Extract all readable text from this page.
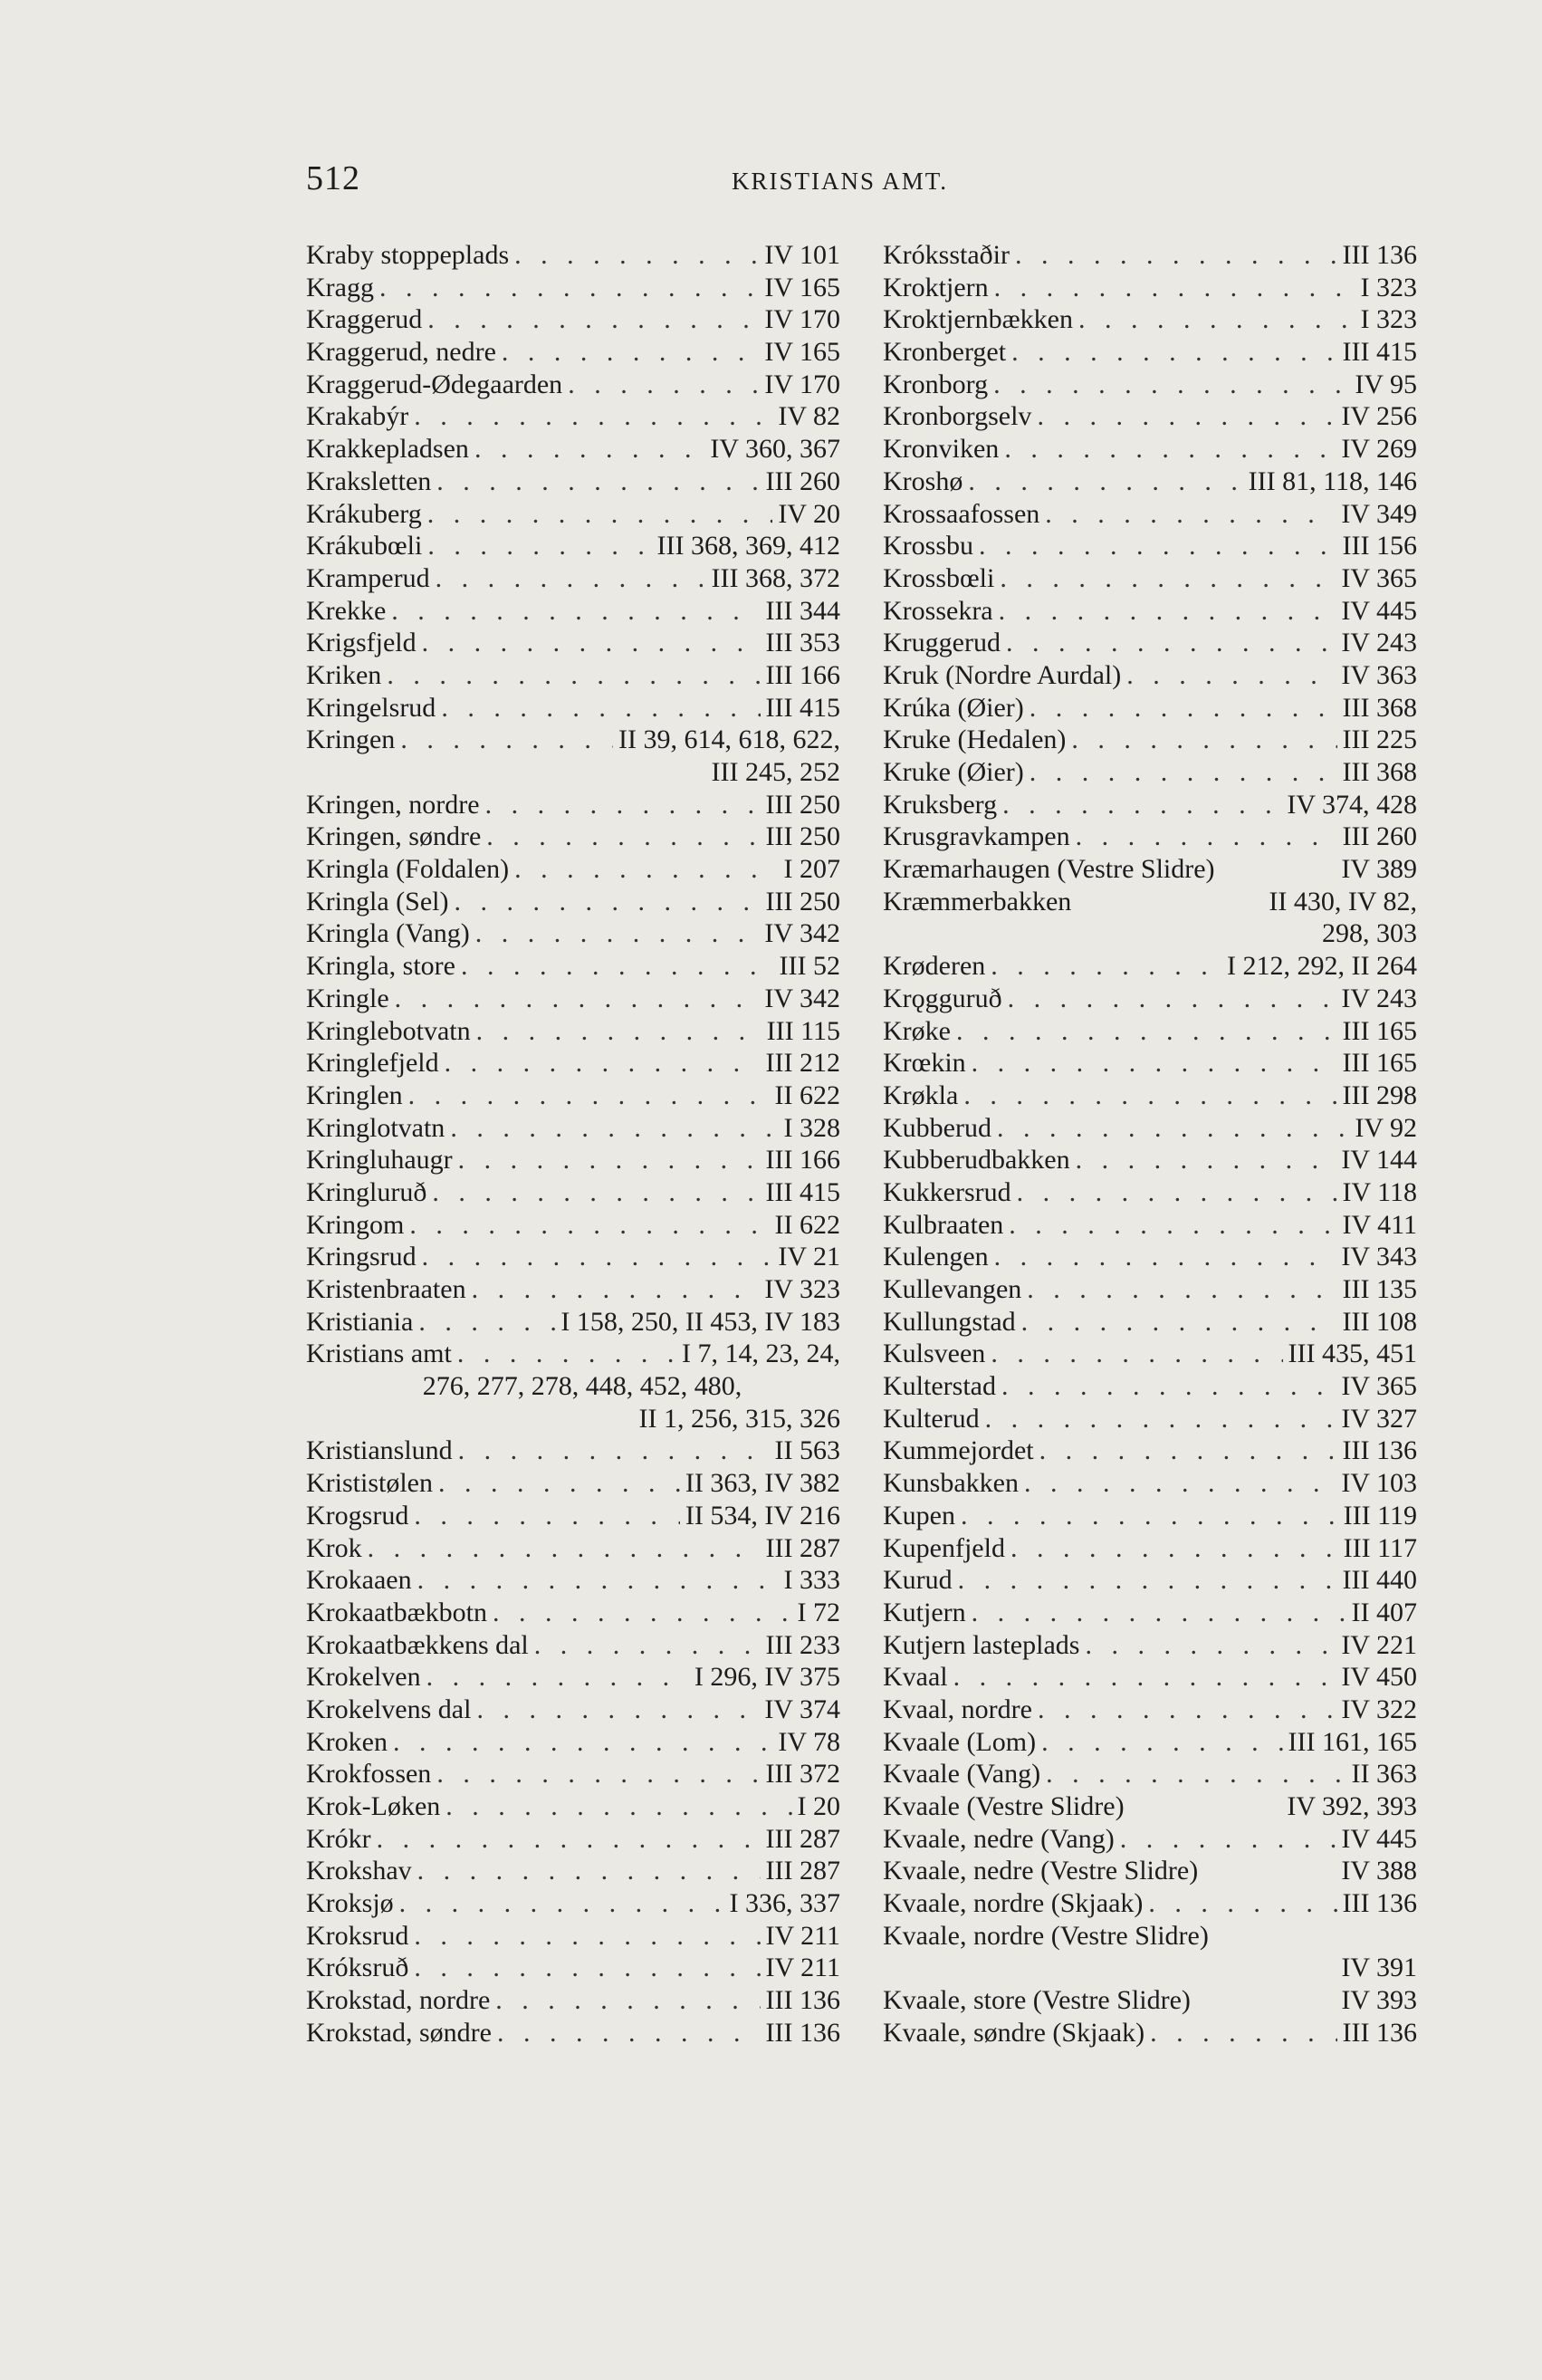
512	KRISTIANS AMT.
Kraby stoppeplads . . .	IV 101
Kragg . . .	IV 165
Kraggerud . . .	IV 170
Kraggerud, nedre . . .	IV 165
Kraggerud-Ødegaarden . . .	IV 170
Krakabýr . . .	IV 82
Krakkepladsen . . .	IV 360, 367
Kraksletten . . .	III 260
Krákuberg . . .	IV 20
Krákubœli . . .	III 368, 369, 412
Kramperud . . .	III 368, 372
Krekke . . .	III 344
Krigsfjeld . . .	III 353
Kriken . . .	III 166
Kringelsrud . . .	III 415
Kringen . . .	II 39, 614, 618, 622,
III 245, 252
Kringen, nordre . . .	III 250
Kringen, søndre . . .	III 250
Kringla (Foldalen) . . .	I 207
Kringla (Sel) . . .	III 250
Kringla (Vang) . . .	IV 342
Kringla, store . . .	III 52
Kringle . . .	IV 342
Kringlebotvatn . . .	III 115
Kringlefjeld . . .	III 212
Kringlen . . .	II 622
Kringlotvatn . . .	I 328
Kringluhaugr . . .	III 166
Kringluruð . . .	III 415
Kringom . . .	II 622
Kringsrud . . .	IV 21
Kristenbraaten . . .	IV 323
Kristiania . . .	I 158, 250, II 453, IV 183
Kristians amt . . .	I 7, 14, 23, 24,
276, 277, 278, 448, 452, 480,
II 1, 256, 315, 326
Kristianslund . . .	II 563
Krististølen . . .	II 363, IV 382
Krogsrud . . .	II 534, IV 216
Krok . . .	III 287
Krokaaen . . .	I 333
Krokaatbækbotn . . .	I 72
Krokaatbækkens dal . . .	III 233
Krokelven . . .	I 296, IV 375
Krokelvens dal . . .	IV 374
Kroken . . .	IV 78
Krokfossen . . .	III 372
Krok-Løken . . .	I 20
Krókr . . .	III 287
Krokshav . . .	III 287
Kroksjø . . .	I 336, 337
Kroksrud . . .	IV 211
Króksruð . . .	IV 211
Krokstad, nordre . . .	III 136
Krokstad, søndre . . .	III 136
Króksstaðir . . .	III 136
Kroktjern . . .	I 323
Kroktjernbækken . . .	I 323
Kronberget . . .	III 415
Kronborg . . .	IV 95
Kronborgselv . . .	IV 256
Kronviken . . .	IV 269
Kroshø . . .	III 81, 118, 146
Krossaafossen . . .	IV 349
Krossbu . . .	III 156
Krossbœli . . .	IV 365
Krossekra . . .	IV 445
Kruggerud . . .	IV 243
Kruk (Nordre Aurdal) . . .	IV 363
Krúka (Øier) . . .	III 368
Kruke (Hedalen) . . .	III 225
Kruke (Øier) . . .	III 368
Kruksberg . . .	IV 374, 428
Krusgravkampen . . .	III 260
Kræmarhaugen (Vestre Slidre)	IV 389
Kræmmerbakken	II 430, IV 82,
298, 303
Krøderen . . .	I 212, 292, II 264
Krǫgguruð . . .	IV 243
Krøke . . .	III 165
Krœkin . . .	III 165
Krøkla . . .	III 298
Kubberud . . .	IV 92
Kubberudbakken . . .	IV 144
Kukkersrud . . .	IV 118
Kulbraaten . . .	IV 411
Kulengen . . .	IV 343
Kullevangen . . .	III 135
Kullungstad . . .	III 108
Kulsveen . . .	III 435, 451
Kulterstad . . .	IV 365
Kulterud . . .	IV 327
Kummejordet . . .	III 136
Kunsbakken . . .	IV 103
Kupen . . .	III 119
Kupenfjeld . . .	III 117
Kurud . . .	III 440
Kutjern . . .	II 407
Kutjern lasteplads . . .	IV 221
Kvaal . . .	IV 450
Kvaal, nordre . . .	IV 322
Kvaale (Lom) . . .	III 161, 165
Kvaale (Vang) . . .	II 363
Kvaale (Vestre Slidre)	IV 392, 393
Kvaale, nedre (Vang) . . .	IV 445
Kvaale, nedre (Vestre Slidre)	IV 388
Kvaale, nordre (Skjaak) . . .	III 136
Kvaale, nordre (Vestre Slidre)
IV 391
Kvaale, store (Vestre Slidre)	IV 393
Kvaale, søndre (Skjaak) . . .	III 136
